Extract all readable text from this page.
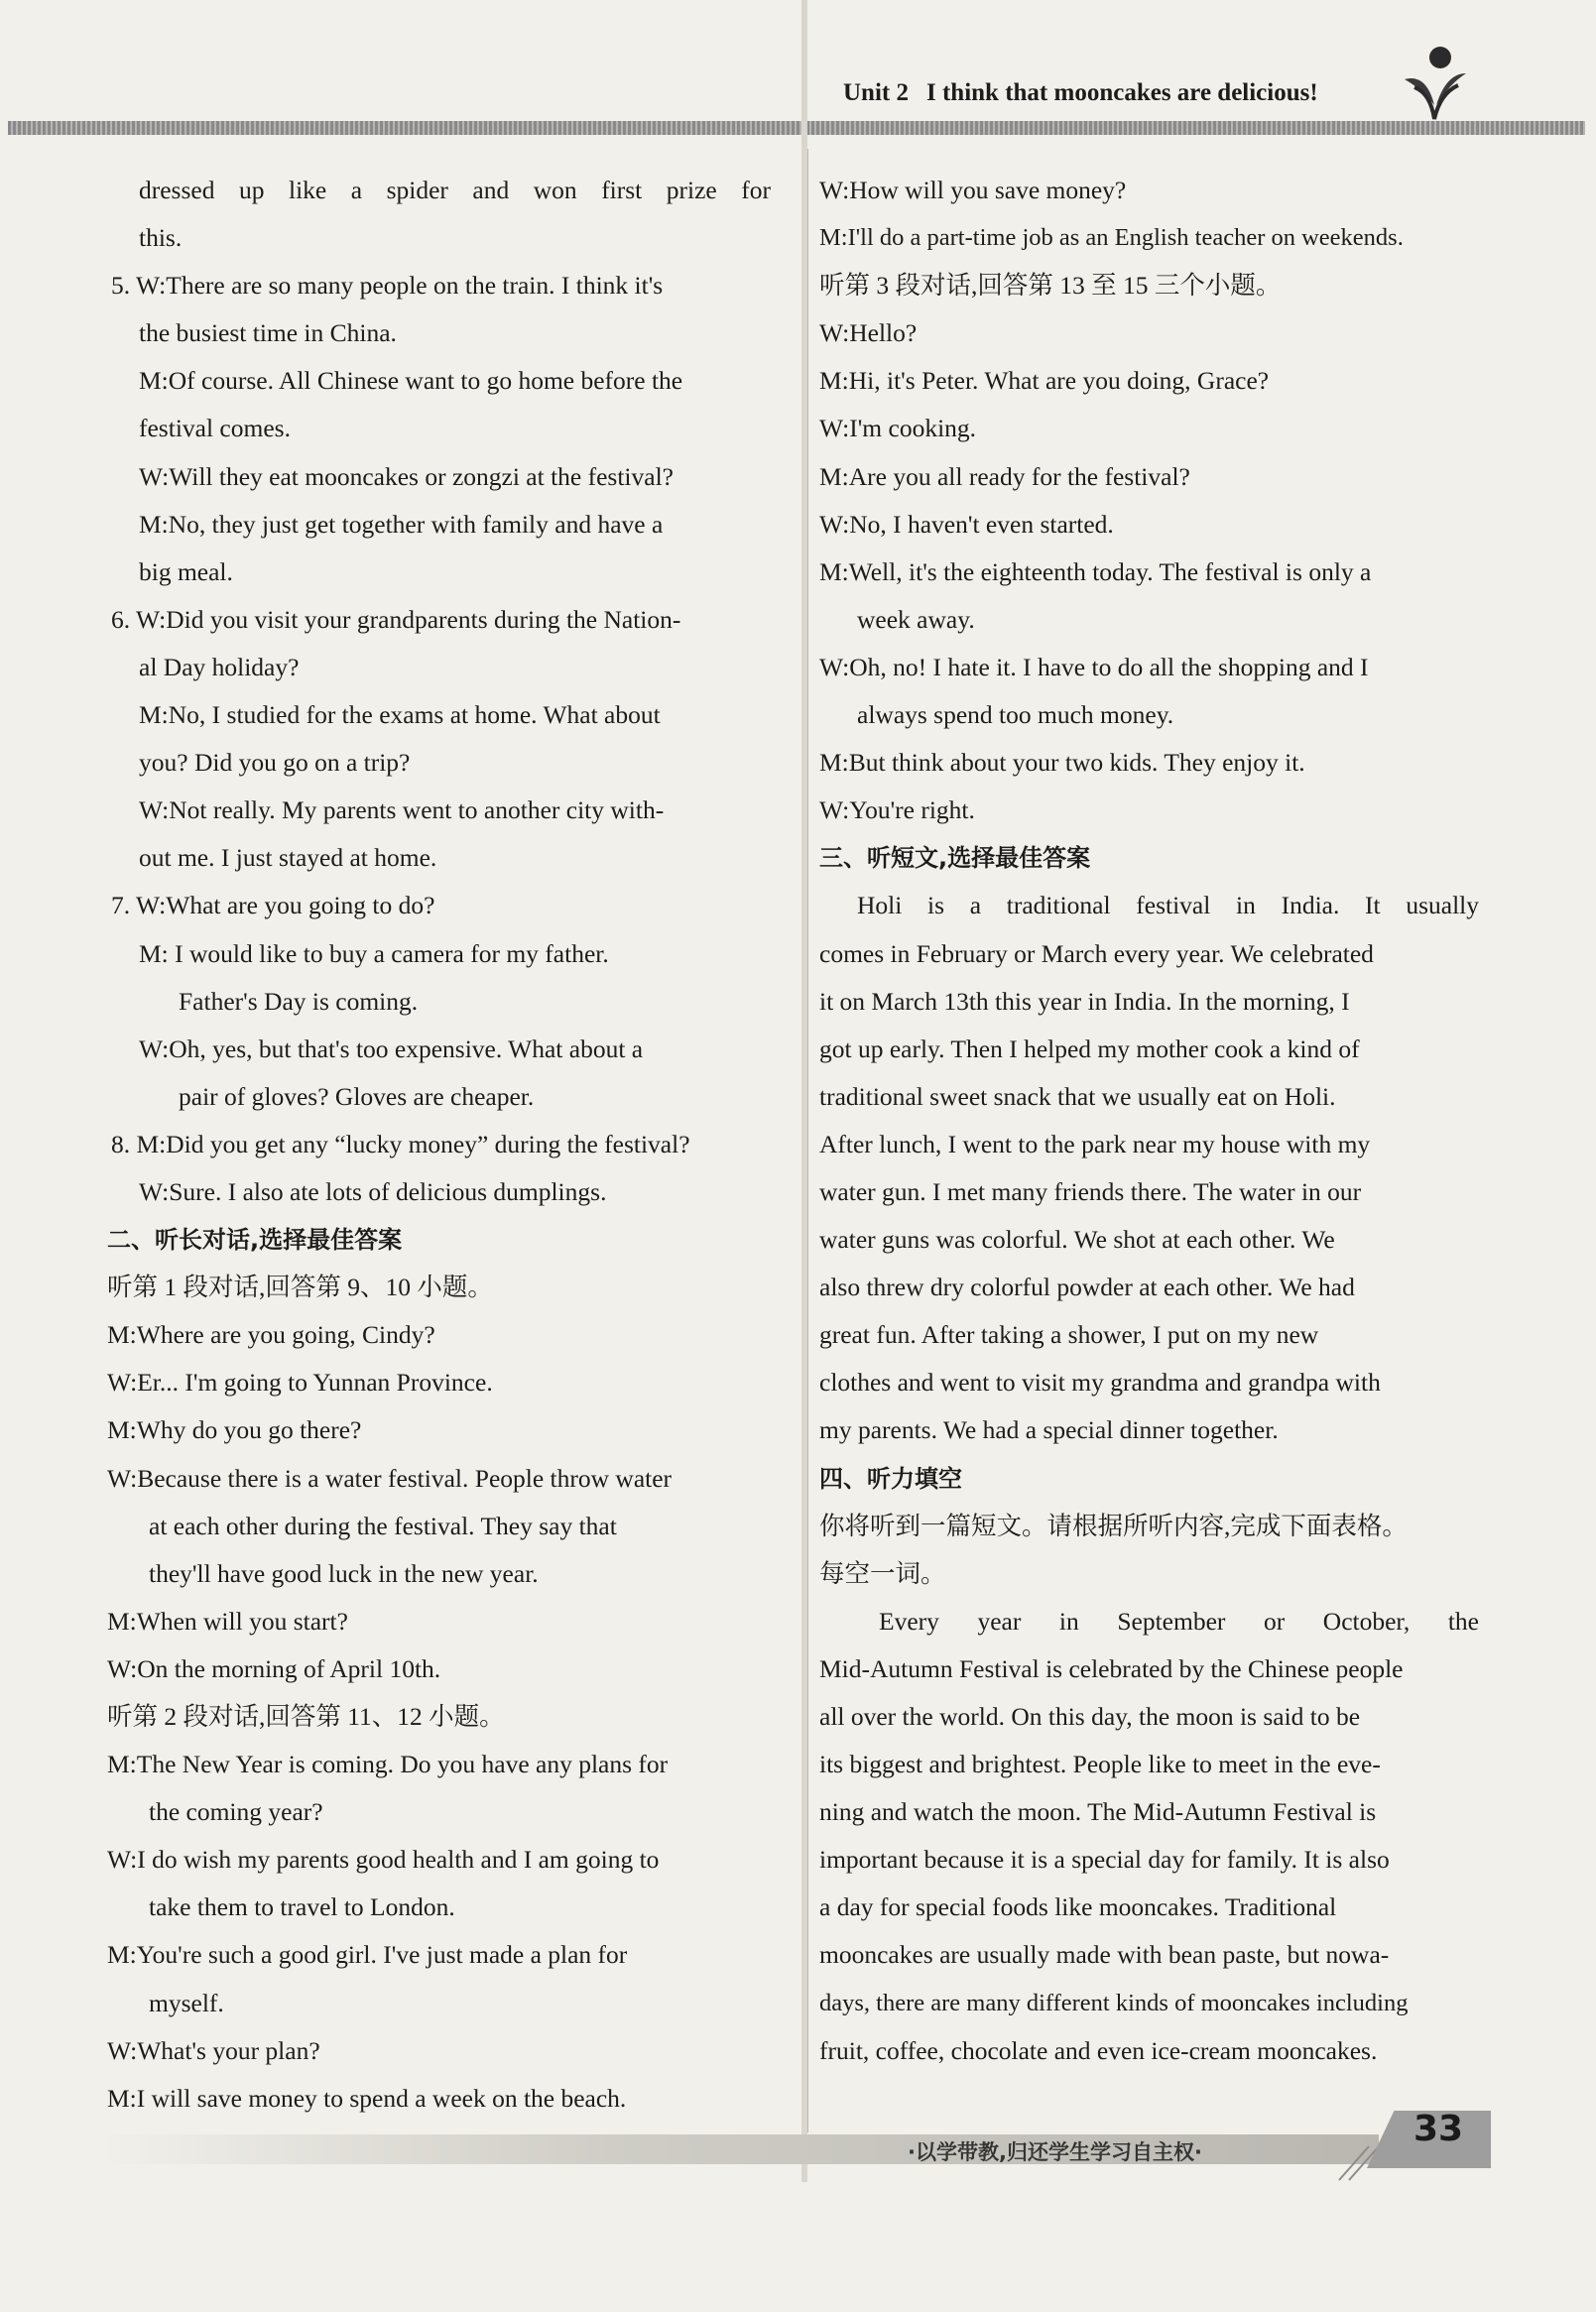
Unit 2 I think that mooncakes are delicious!
dressed up like a spider and won first prize for
this.
5. W:There are so many people on the train. I think it's
the busiest time in China.
M:Of course. All Chinese want to go home before the
festival comes.
W:Will they eat mooncakes or zongzi at the festival?
M:No, they just get together with family and have a
big meal.
6. W:Did you visit your grandparents during the Nation-
al Day holiday?
M:No, I studied for the exams at home. What about
you? Did you go on a trip?
W:Not really. My parents went to another city with-
out me. I just stayed at home.
7. W:What are you going to do?
M: I would like to buy a camera for my father.
Father's Day is coming.
W:Oh, yes, but that's too expensive. What about a
pair of gloves? Gloves are cheaper.
8. M:Did you get any “lucky money” during the festival?
W:Sure. I also ate lots of delicious dumplings.
二、听长对话,选择最佳答案
听第 1 段对话,回答第 9、10 小题。
M:Where are you going, Cindy?
W:Er... I'm going to Yunnan Province.
M:Why do you go there?
W:Because there is a water festival. People throw water
at each other during the festival. They say that
they'll have good luck in the new year.
M:When will you start?
W:On the morning of April 10th.
听第 2 段对话,回答第 11、12 小题。
M:The New Year is coming. Do you have any plans for
the coming year?
W:I do wish my parents good health and I am going to
take them to travel to London.
M:You're such a good girl. I've just made a plan for
myself.
W:What's your plan?
M:I will save money to spend a week on the beach.
W:How will you save money?
M:I'll do a part-time job as an English teacher on weekends.
听第 3 段对话,回答第 13 至 15 三个小题。
W:Hello?
M:Hi, it's Peter. What are you doing, Grace?
W:I'm cooking.
M:Are you all ready for the festival?
W:No, I haven't even started.
M:Well, it's the eighteenth today. The festival is only a
week away.
W:Oh, no! I hate it. I have to do all the shopping and I
always spend too much money.
M:But think about your two kids. They enjoy it.
W:You're right.
三、听短文,选择最佳答案
Holi is a traditional festival in India. It usually
comes in February or March every year. We celebrated
it on March 13th this year in India. In the morning, I
got up early. Then I helped my mother cook a kind of
traditional sweet snack that we usually eat on Holi.
After lunch, I went to the park near my house with my
water gun. I met many friends there. The water in our
water guns was colorful. We shot at each other. We
also threw dry colorful powder at each other. We had
great fun. After taking a shower, I put on my new
clothes and went to visit my grandma and grandpa with
my parents. We had a special dinner together.
四、听力填空
你将听到一篇短文。请根据所听内容,完成下面表格。
每空一词。
Every year in September or October, the
Mid-Autumn Festival is celebrated by the Chinese people
all over the world. On this day, the moon is said to be
its biggest and brightest. People like to meet in the eve-
ning and watch the moon. The Mid-Autumn Festival is
important because it is a special day for family. It is also
a day for special foods like mooncakes. Traditional
mooncakes are usually made with bean paste, but nowa-
days, there are many different kinds of mooncakes including
fruit, coffee, chocolate and even ice-cream mooncakes.
·以学带教,归还学生学习自主权·
33
